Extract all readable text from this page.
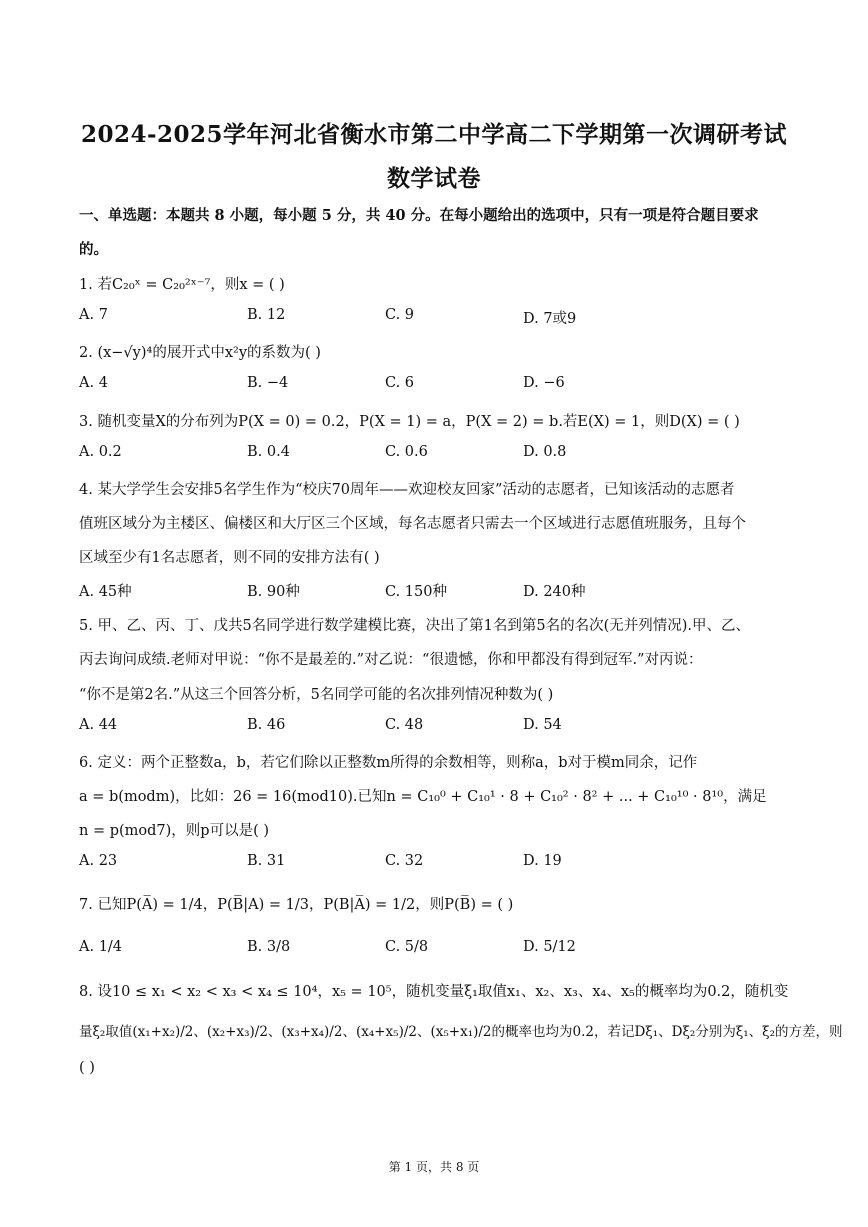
2024-2025学年河北省衡水市第二中学高二下学期第一次调研考试
数学试卷
一、单选题：本题共 8 小题，每小题 5 分，共 40 分。在每小题给出的选项中，只有一项是符合题目要求
的。
1. 若C₂₀ˣ = C₂₀²ˣ⁻⁷，则x = ( )
A. 7	B. 12	C. 9	D. 7或9
2. (x−√y)⁴的展开式中x²y的系数为( )
A. 4	B. −4	C. 6	D. −6
3. 随机变量X的分布列为P(X = 0) = 0.2，P(X = 1) = a，P(X = 2) = b.若E(X) = 1，则D(X) = ( )
A. 0.2	B. 0.4	C. 0.6	D. 0.8
4. 某大学学生会安排5名学生作为“校庆70周年——欢迎校友回家”活动的志愿者，已知该活动的志愿者
值班区域分为主楼区、偏楼区和大厅区三个区域，每名志愿者只需去一个区域进行志愿值班服务，且每个
区域至少有1名志愿者，则不同的安排方法有( )
A. 45种	B. 90种	C. 150种	D. 240种
5. 甲、乙、丙、丁、戊共5名同学进行数学建模比赛，决出了第1名到第5名的名次(无并列情况).甲、乙、
丙去询问成绩.老师对甲说：“你不是最差的.”对乙说：“很遗憾，你和甲都没有得到冠军.”对丙说：
“你不是第2名.”从这三个回答分析，5名同学可能的名次排列情况种数为( )
A. 44	B. 46	C. 48	D. 54
6. 定义：两个正整数a，b，若它们除以正整数m所得的余数相等，则称a，b对于模m同余，记作
a = b(modm)，比如：26 = 16(mod10).已知n = C₁₀⁰ + C₁₀¹ · 8 + C₁₀² · 8² + ... + C₁₀¹⁰ · 8¹⁰，满足
n = p(mod7)，则p可以是( )
A. 23	B. 31	C. 32	D. 19
7. 已知P(A̅) = 1/4，P(B̅|A) = 1/3，P(B|A̅) = 1/2，则P(B̅) = ( )
A. 1/4	B. 3/8	C. 5/8	D. 5/12
8. 设10 ≤ x₁ < x₂ < x₃ < x₄ ≤ 10⁴，x₅ = 10⁵，随机变量ξ₁取值x₁、x₂、x₃、x₄、x₅的概率均为0.2，随机变
量ξ₂取值(x₁+x₂)/2、(x₂+x₃)/2、(x₃+x₄)/2、(x₄+x₅)/2、(x₅+x₁)/2的概率也均为0.2，若记Dξ₁、Dξ₂分别为ξ₁、ξ₂的方差，则
( )
第 1 页，共 8 页
